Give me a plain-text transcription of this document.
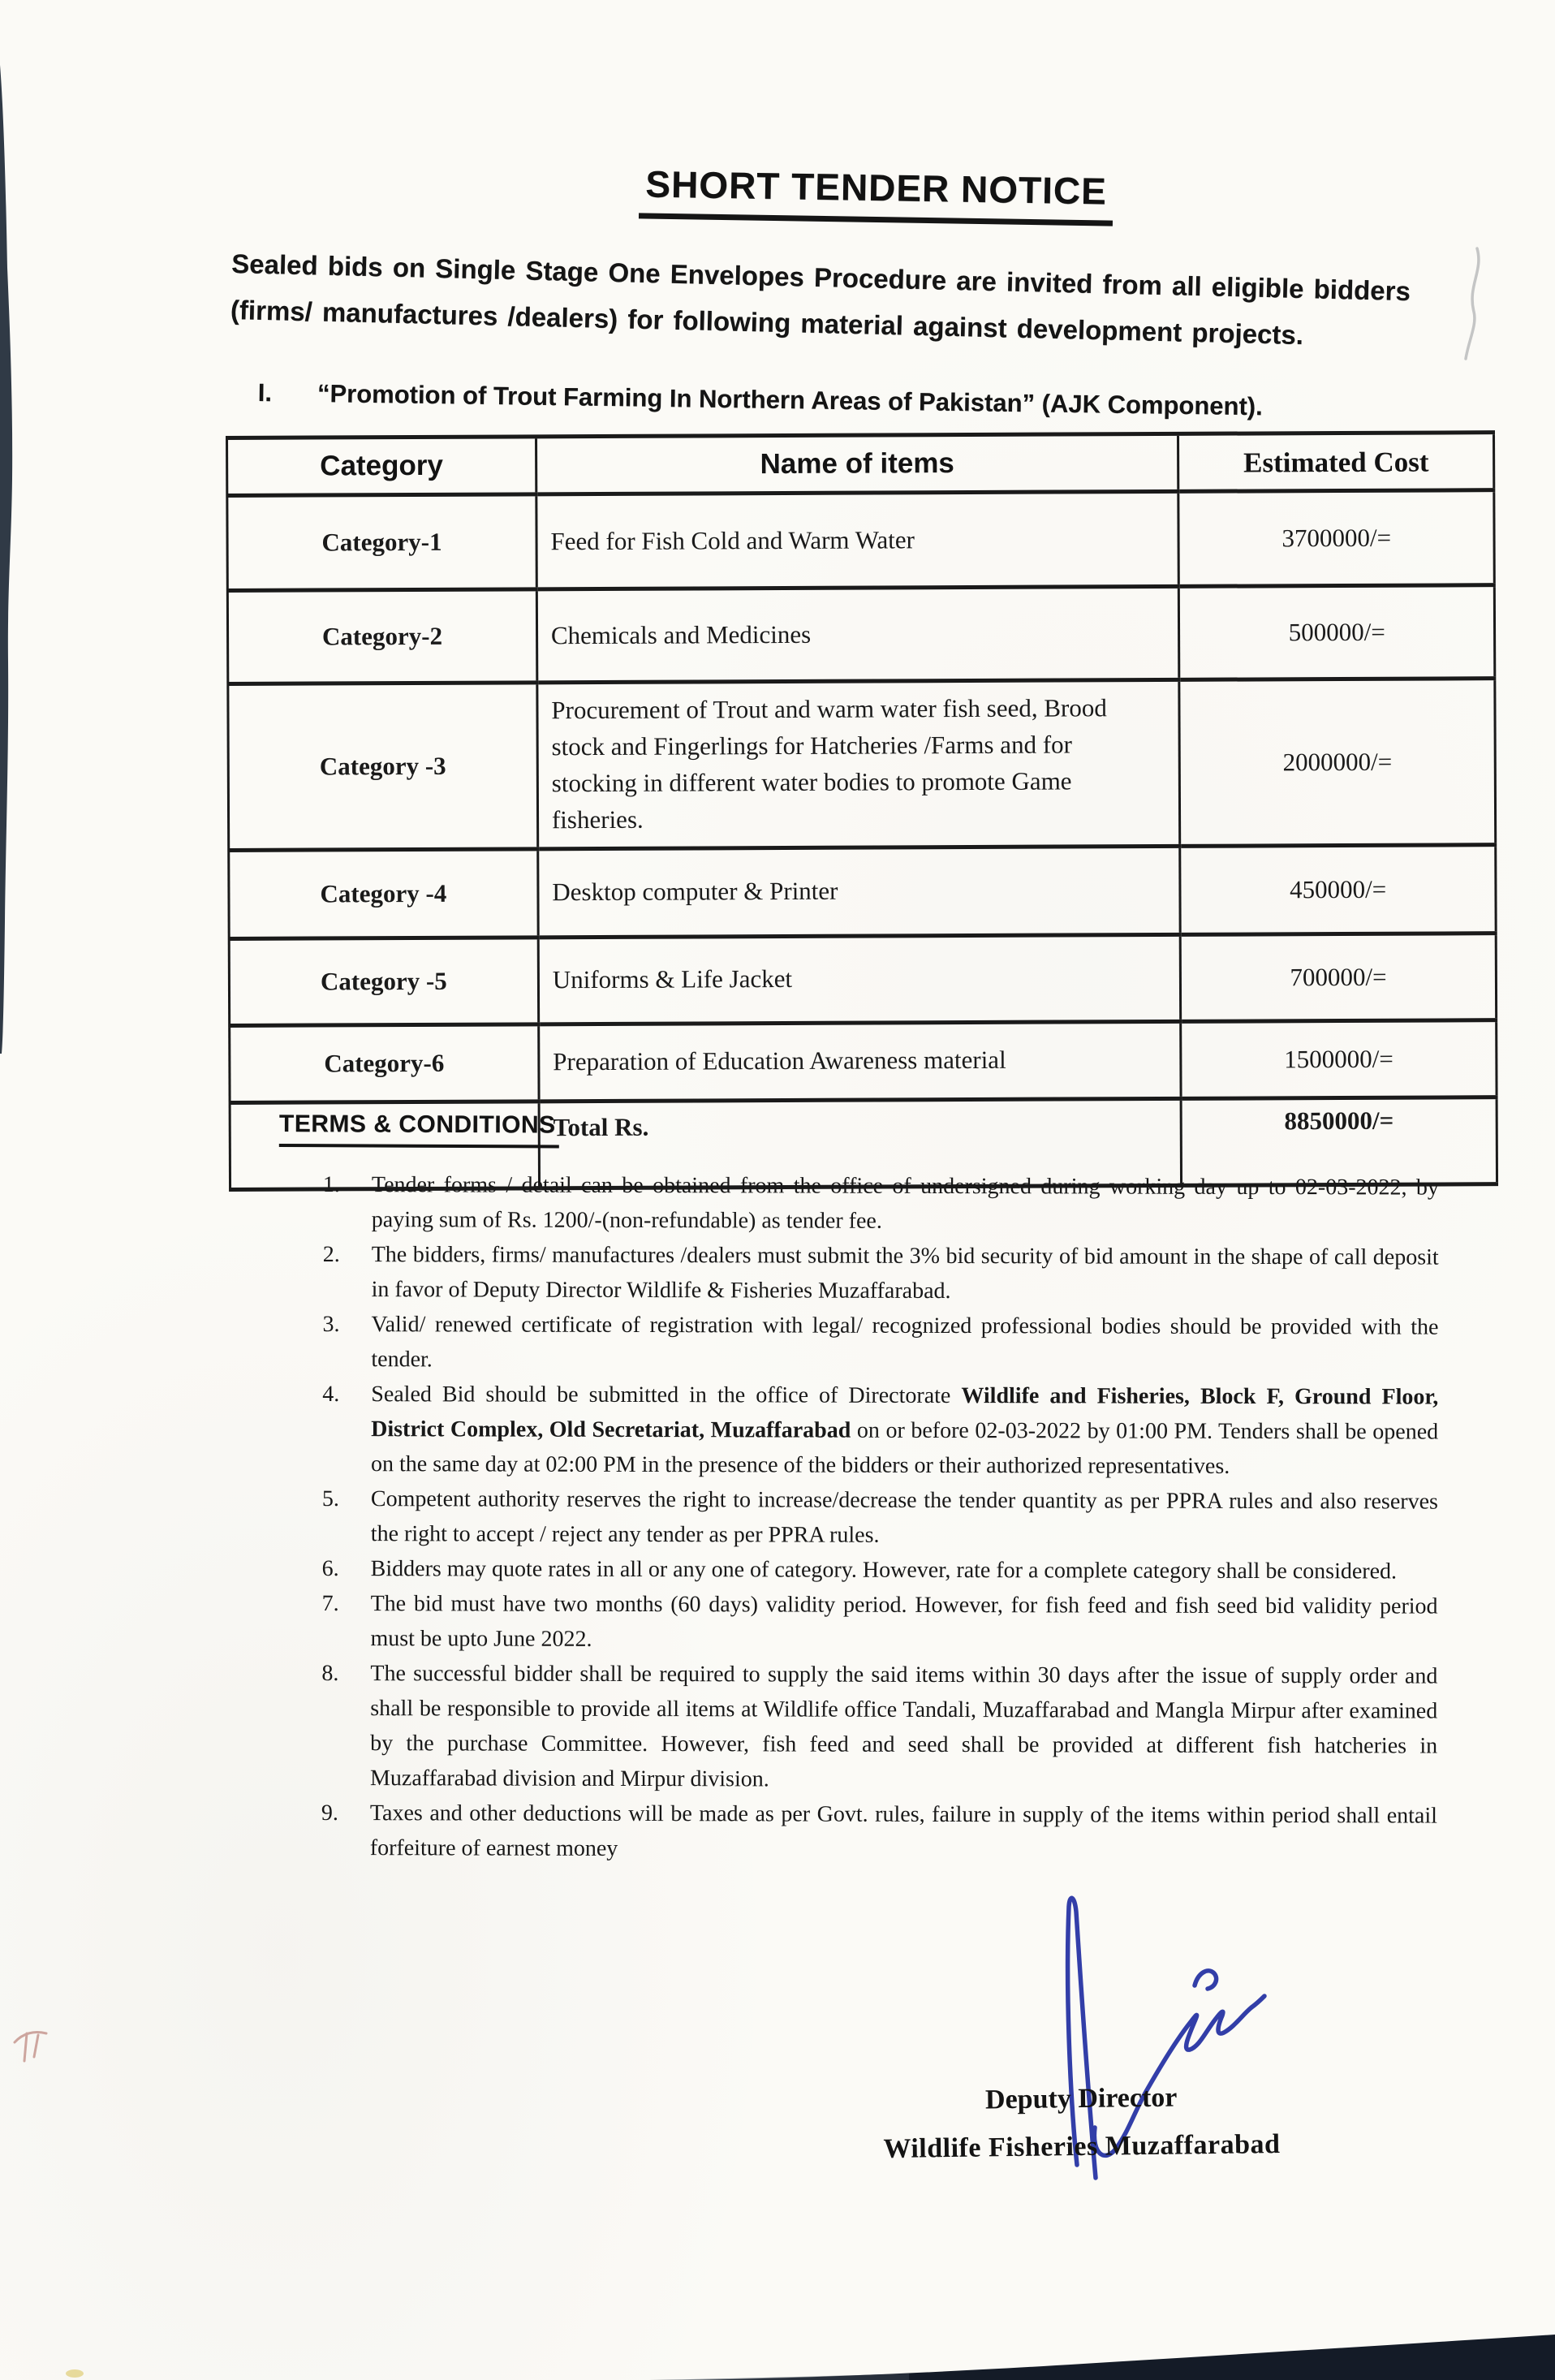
SHORT TENDER NOTICE
Sealed bids on Single Stage One Envelopes Procedure are invited from all eligible bidders (firms/ manufactures /dealers) for following material against development projects.
I. “Promotion of Trout Farming In Northern Areas of Pakistan” (AJK Component).
Category	Name of items	Estimated Cost
Category-1	Feed for Fish Cold and Warm Water	3700000/=
Category-2	Chemicals and Medicines	500000/=
Category -3	Procurement of Trout and warm water fish seed, Brood stock and Fingerlings for Hatcheries /Farms and for stocking in different water bodies to promote Game fisheries.	2000000/=
Category -4	Desktop computer & Printer	450000/=
Category -5	Uniforms & Life Jacket	700000/=
Category-6	Preparation of Education Awareness material	1500000/=
	Total Rs.	8850000/=
TERMS & CONDITIONS
1.	Tender forms / detail can be obtained from the office of undersigned during working day up to 02-03-2022, by paying sum of Rs. 1200/-(non-refundable) as tender fee.
2.	The bidders, firms/ manufactures /dealers must submit the 3% bid security of bid amount in the shape of call deposit in favor of Deputy Director Wildlife & Fisheries Muzaffarabad.
3.	Valid/ renewed certificate of registration with legal/ recognized professional bodies should be provided with the tender.
4.	Sealed Bid should be submitted in the office of Directorate Wildlife and Fisheries, Block F, Ground Floor, District Complex, Old Secretariat, Muzaffarabad on or before 02-03-2022 by 01:00 PM. Tenders shall be opened on the same day at 02:00 PM in the presence of the bidders or their authorized representatives.
5.	Competent authority reserves the right to increase/decrease the tender quantity as per PPRA rules and also reserves the right to accept / reject any tender as per PPRA rules.
6.	Bidders may quote rates in all or any one of category. However, rate for a complete category shall be considered.
7.	The bid must have two months (60 days) validity period. However, for fish feed and fish seed bid validity period must be upto June 2022.
8.	The successful bidder shall be required to supply the said items within 30 days after the issue of supply order and shall be responsible to provide all items at Wildlife office Tandali, Muzaffarabad and Mangla Mirpur after examined by the purchase Committee. However, fish feed and seed shall be provided at different fish hatcheries in Muzaffarabad division and Mirpur division.
9.	Taxes and other deductions will be made as per Govt. rules, failure in supply of the items within period shall entail forfeiture of earnest money
Deputy Director
Wildlife Fisheries Muzaffarabad
